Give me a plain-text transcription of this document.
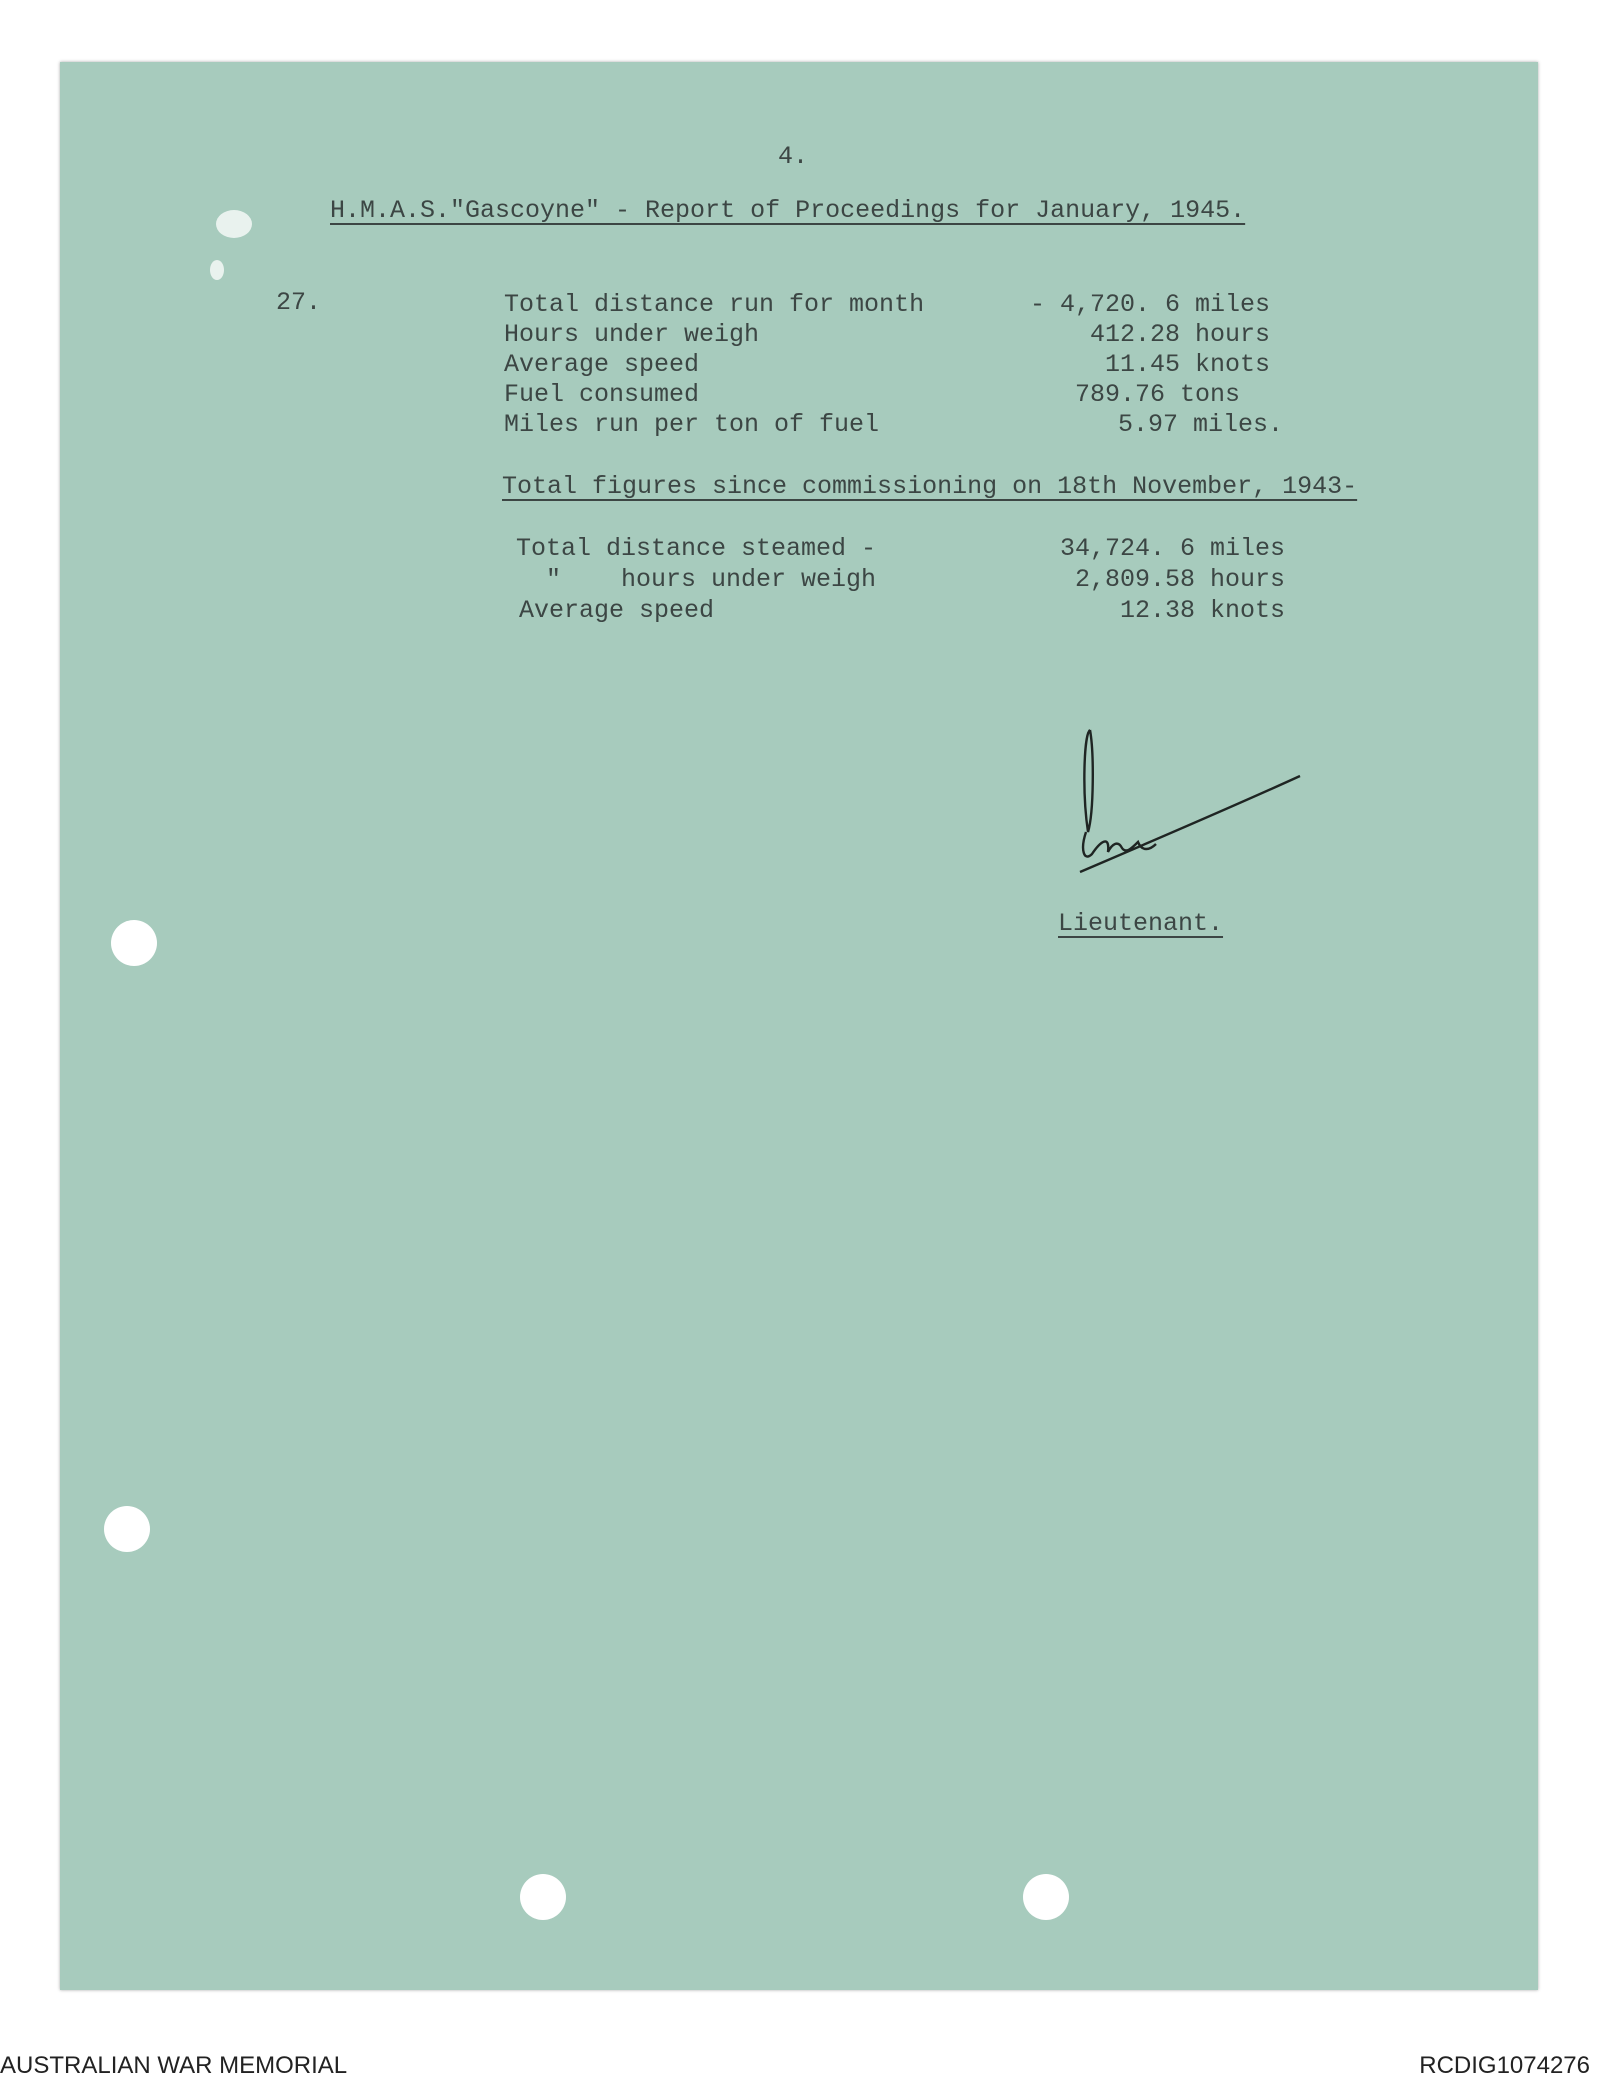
4.
H.M.A.S."Gascoyne" - Report of Proceedings for January, 1945.
27.	Total distance run for month	- 4,720. 6 miles
Hours under weigh	412.28 hours
Average speed	11.45 knots
Fuel consumed	789.76 tons
Miles run per ton of fuel	5.97 miles.
Total figures since commissioning on 18th November, 1943-
Total distance steamed -	34,724. 6 miles
"    hours under weigh	2,809.58 hours
Average speed	12.38 knots
Lieutenant.
AUSTRALIAN WAR MEMORIAL	RCDIG1074276
